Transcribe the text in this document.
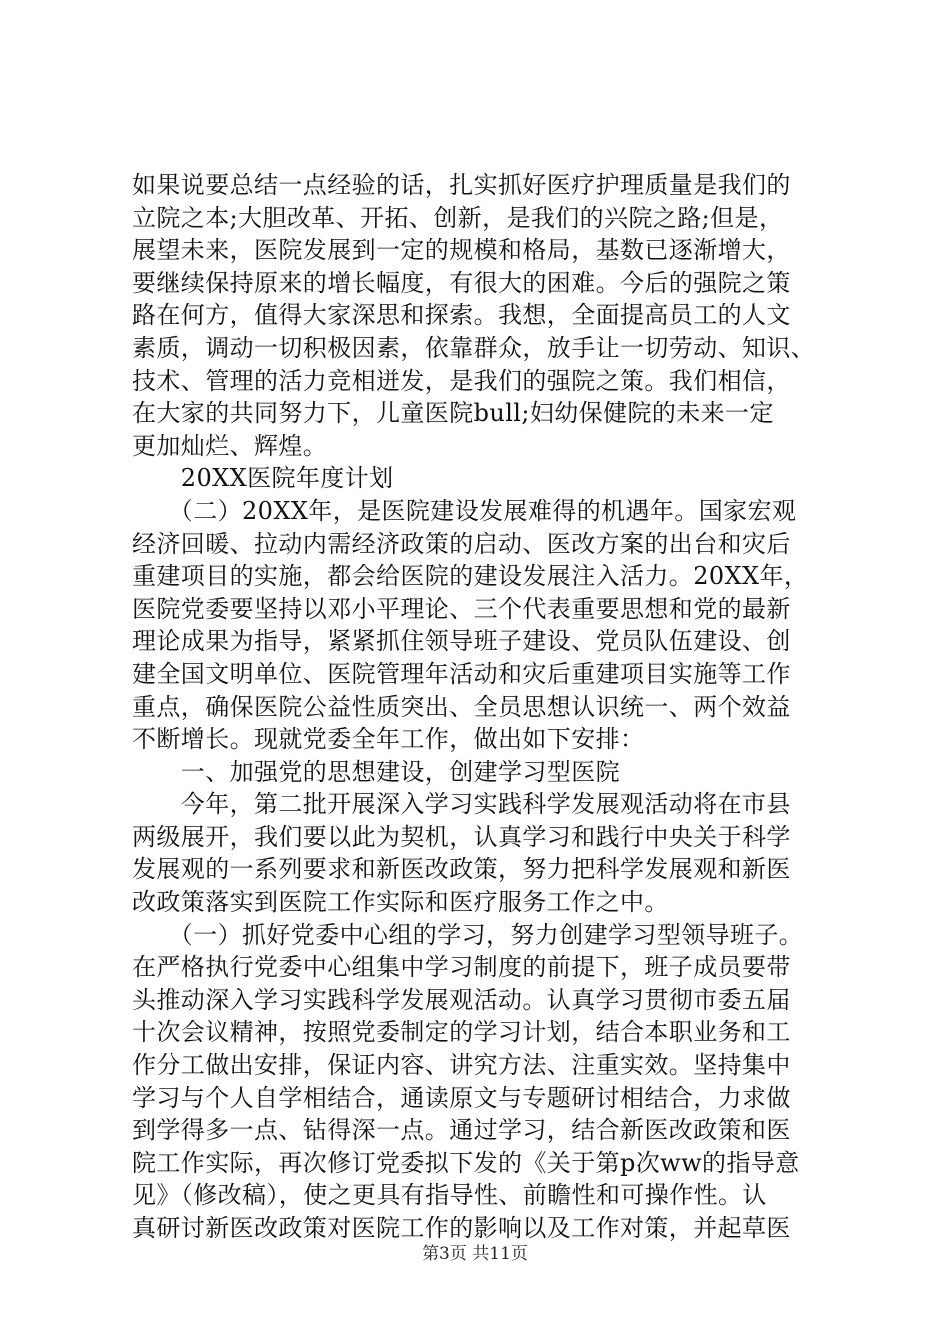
如果说要总结一点经验的话，扎实抓好医疗护理质量是我们的
立院之本;大胆改革、开拓、创新，是我们的兴院之路;但是，
展望未来，医院发展到一定的规模和格局，基数已逐渐增大，
要继续保持原来的增长幅度，有很大的困难。今后的强院之策
路在何方，值得大家深思和探索。我想，全面提高员工的人文
素质，调动一切积极因素，依靠群众，放手让一切劳动、知识、
技术、管理的活力竞相迸发，是我们的强院之策。我们相信，
在大家的共同努力下，儿童医院bull;妇幼保健院的未来一定
更加灿烂、辉煌。
　　20XX医院年度计划
　　（二）20XX年，是医院建设发展难得的机遇年。国家宏观
经济回暖、拉动内需经济政策的启动、医改方案的出台和灾后
重建项目的实施，都会给医院的建设发展注入活力。20XX年，
医院党委要坚持以邓小平理论、三个代表重要思想和党的最新
理论成果为指导，紧紧抓住领导班子建设、党员队伍建设、创
建全国文明单位、医院管理年活动和灾后重建项目实施等工作
重点，确保医院公益性质突出、全员思想认识统一、两个效益
不断增长。现就党委全年工作，做出如下安排：
　　一、加强党的思想建设，创建学习型医院
　　今年，第二批开展深入学习实践科学发展观活动将在市县
两级展开，我们要以此为契机，认真学习和践行中央关于科学
发展观的一系列要求和新医改政策，努力把科学发展观和新医
改政策落实到医院工作实际和医疗服务工作之中。
　　（一）抓好党委中心组的学习，努力创建学习型领导班子。
在严格执行党委中心组集中学习制度的前提下，班子成员要带
头推动深入学习实践科学发展观活动。认真学习贯彻市委五届
十次会议精神，按照党委制定的学习计划，结合本职业务和工
作分工做出安排，保证内容、讲究方法、注重实效。坚持集中
学习与个人自学相结合，通读原文与专题研讨相结合，力求做
到学得多一点、钻得深一点。通过学习，结合新医改政策和医
院工作实际，再次修订党委拟下发的《关于第p次ww的指导意
见》（修改稿），使之更具有指导性、前瞻性和可操作性。认
真研讨新医改政策对医院工作的影响以及工作对策，并起草医
第3页 共11页
